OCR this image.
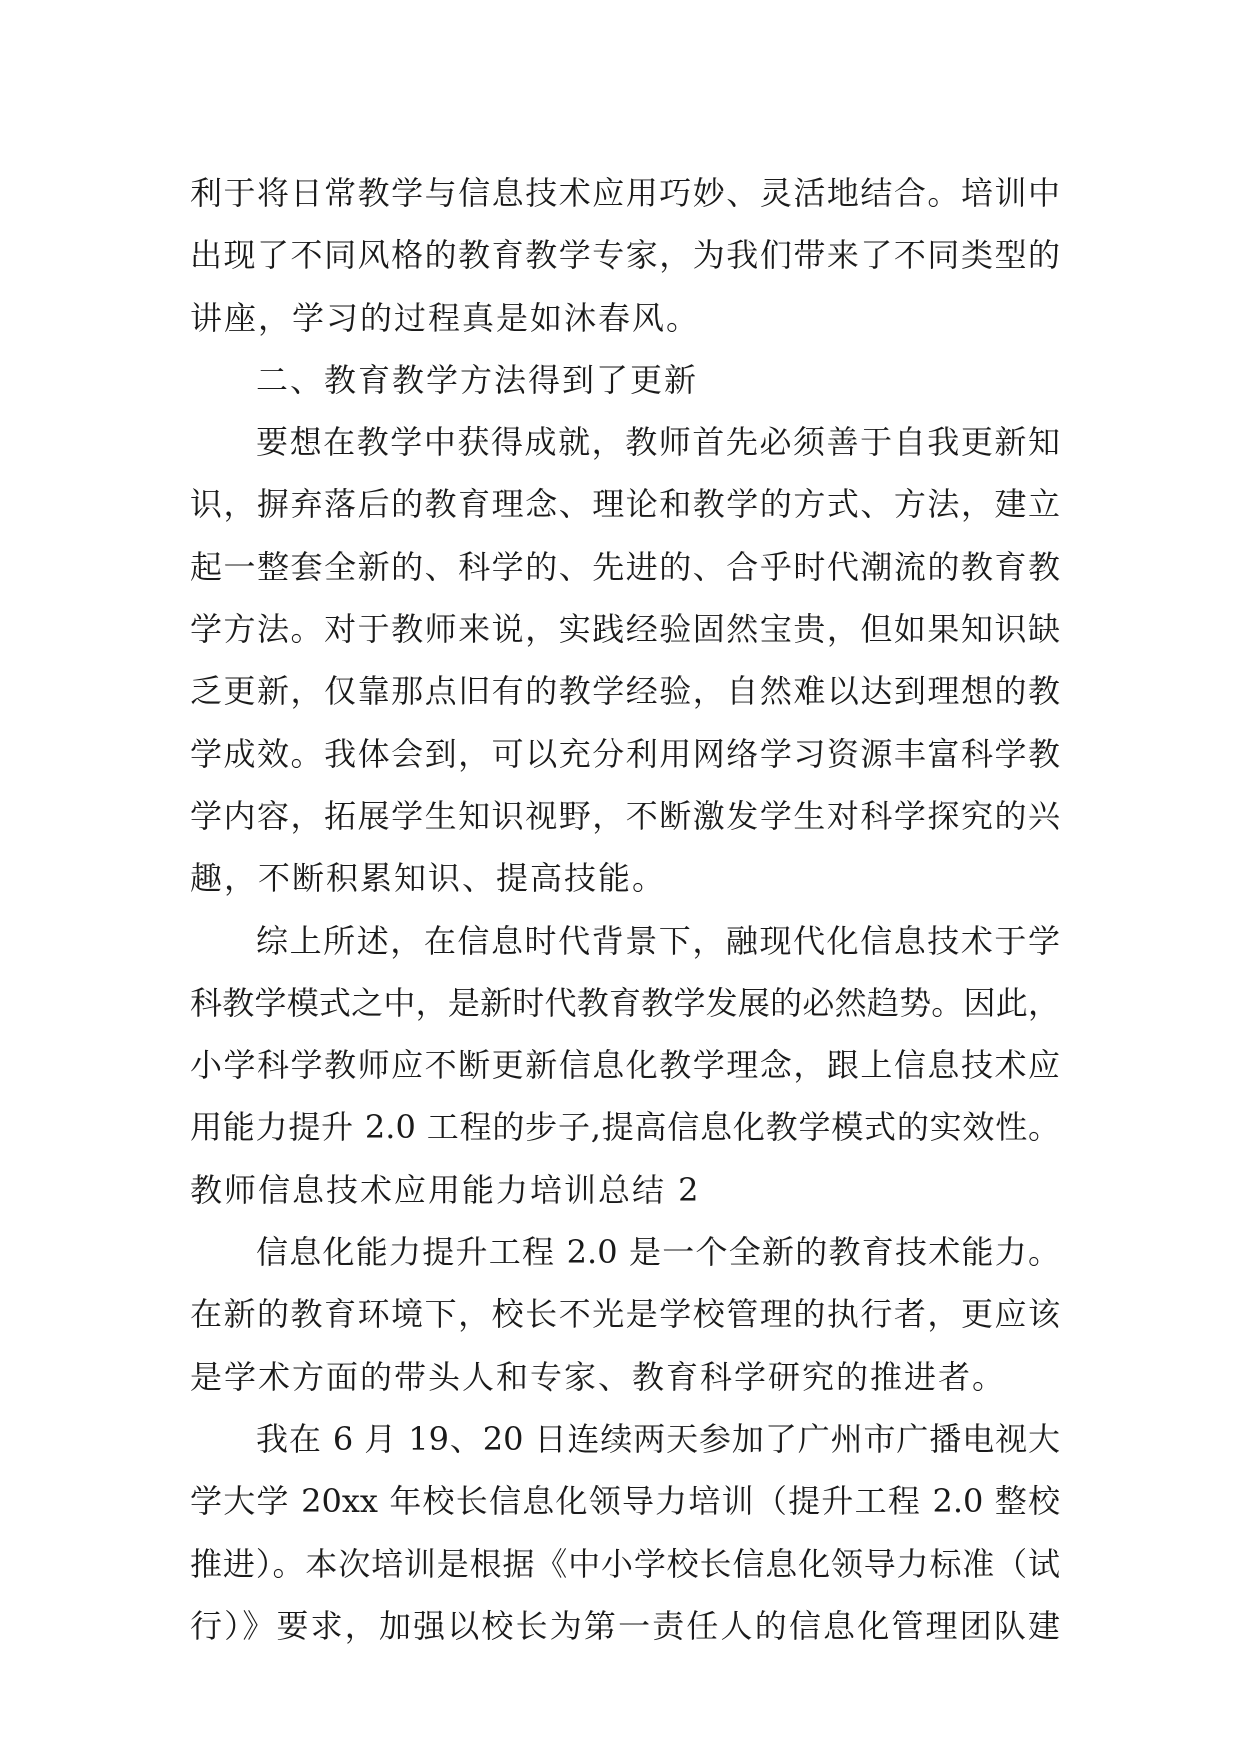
利于将日常教学与信息技术应用巧妙、灵活地结合。培训中
出现了不同风格的教育教学专家，为我们带来了不同类型的
讲座，学习的过程真是如沐春风。
二、教育教学方法得到了更新
要想在教学中获得成就，教师首先必须善于自我更新知
识，摒弃落后的教育理念、理论和教学的方式、方法，建立
起一整套全新的、科学的、先进的、合乎时代潮流的教育教
学方法。对于教师来说，实践经验固然宝贵，但如果知识缺
乏更新，仅靠那点旧有的教学经验，自然难以达到理想的教
学成效。我体会到，可以充分利用网络学习资源丰富科学教
学内容，拓展学生知识视野，不断激发学生对科学探究的兴
趣，不断积累知识、提高技能。
综上所述，在信息时代背景下，融现代化信息技术于学
科教学模式之中，是新时代教育教学发展的必然趋势。因此，
小学科学教师应不断更新信息化教学理念，跟上信息技术应
用能力提升 2.0 工程的步子,提高信息化教学模式的实效性。
教师信息技术应用能力培训总结 2
信息化能力提升工程 2.0 是一个全新的教育技术能力。
在新的教育环境下，校长不光是学校管理的执行者，更应该
是学术方面的带头人和专家、教育科学研究的推进者。
我在 6 月 19、20 日连续两天参加了广州市广播电视大
学大学 20xx 年校长信息化领导力培训（提升工程 2.0 整校
推进）。本次培训是根据《中小学校长信息化领导力标准（试
行）》要求，加强以校长为第一责任人的信息化管理团队建
